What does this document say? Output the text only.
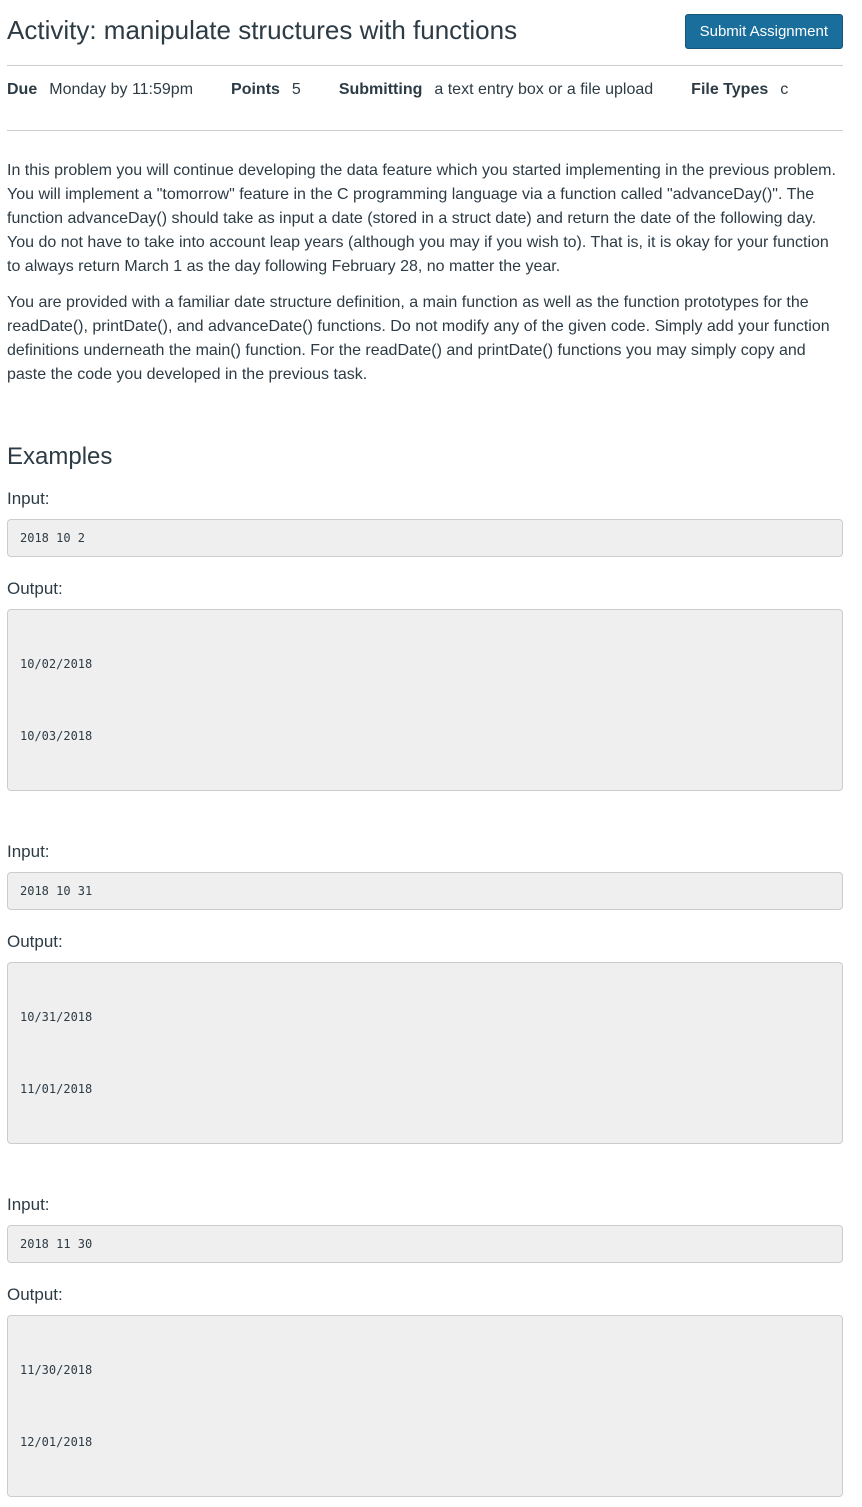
Activity: manipulate structures with functions	Submit Assignment
Due Monday by 11:59pm Points 5 Submitting a text entry box or a file upload File Types c

In this problem you will continue developing the data feature which you started implementing in the previous problem. You will implement a "tomorrow" feature in the C programming language via a function called "advanceDay()". The function advanceDay() should take as input a date (stored in a struct date) and return the date of the following day. You do not have to take into account leap years (although you may if you wish to). That is, it is okay for your function to always return March 1 as the day following February 28, no matter the year.

You are provided with a familiar date structure definition, a main function as well as the function prototypes for the readDate(), printDate(), and advanceDate() functions. Do not modify any of the given code. Simply add your function definitions underneath the main() function. For the readDate() and printDate() functions you may simply copy and paste the code you developed in the previous task.

Examples

Input:

2018 10 2

Output:

10/02/2018

10/03/2018

Input:

2018 10 31

Output:

10/31/2018

11/01/2018

Input:

2018 11 30

Output:

11/30/2018

12/01/2018
